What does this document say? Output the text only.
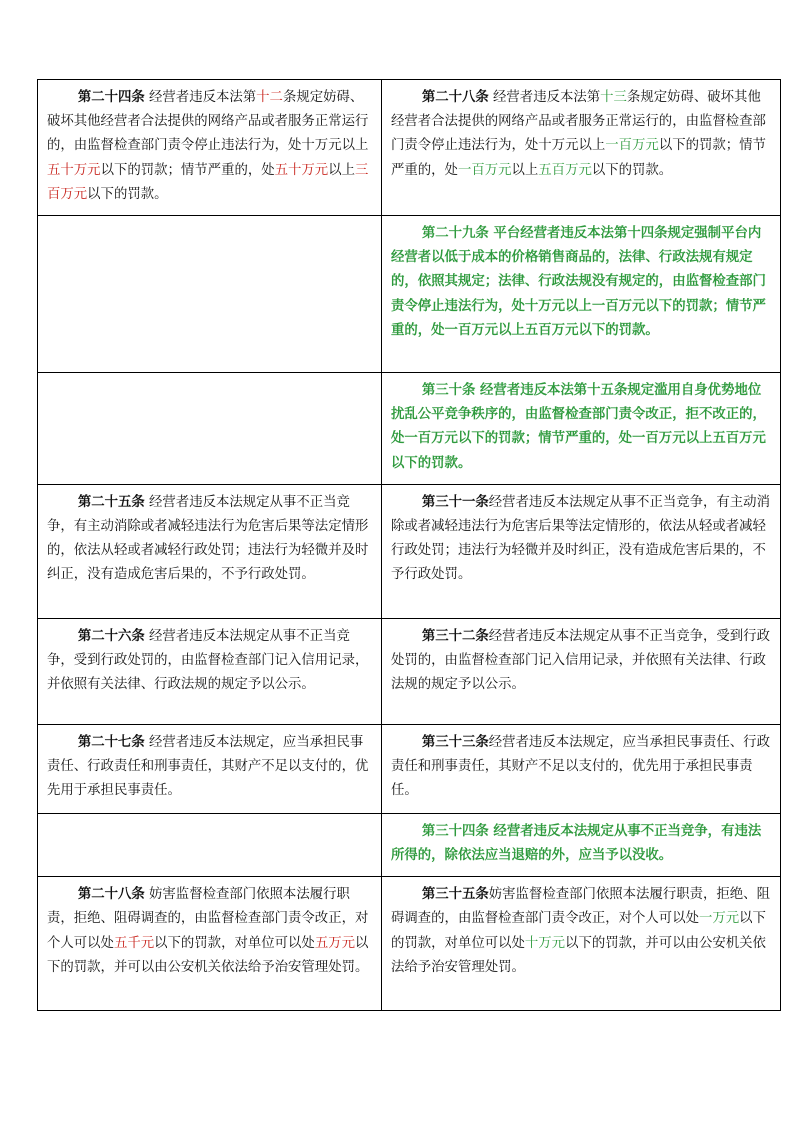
第二十四条 经营者违反本法第十二条规定妨碍、破坏其他经营者合法提供的网络产品或者服务正常运行的，由监督检查部门责令停止违法行为，处十万元以上五十万元以下的罚款；情节严重的，处五十万元以上三百万元以下的罚款。	第二十八条 经营者违反本法第十三条规定妨碍、破坏其他经营者合法提供的网络产品或者服务正常运行的，由监督检查部门责令停止违法行为，处十万元以上一百万元以下的罚款；情节严重的，处一百万元以上五百万元以下的罚款。
	第二十九条 平台经营者违反本法第十四条规定强制平台内经营者以低于成本的价格销售商品的，法律、行政法规有规定的，依照其规定；法律、行政法规没有规定的，由监督检查部门责令停止违法行为，处十万元以上一百万元以下的罚款；情节严重的，处一百万元以上五百万元以下的罚款。
	第三十条 经营者违反本法第十五条规定滥用自身优势地位扰乱公平竞争秩序的，由监督检查部门责令改正，拒不改正的，处一百万元以下的罚款；情节严重的，处一百万元以上五百万元以下的罚款。
第二十五条 经营者违反本法规定从事不正当竞争，有主动消除或者减轻违法行为危害后果等法定情形的，依法从轻或者减轻行政处罚；违法行为轻微并及时纠正，没有造成危害后果的，不予行政处罚。	第三十一条经营者违反本法规定从事不正当竞争，有主动消除或者减轻违法行为危害后果等法定情形的，依法从轻或者减轻行政处罚；违法行为轻微并及时纠正，没有造成危害后果的，不予行政处罚。
第二十六条 经营者违反本法规定从事不正当竞争，受到行政处罚的，由监督检查部门记入信用记录，并依照有关法律、行政法规的规定予以公示。	第三十二条经营者违反本法规定从事不正当竞争，受到行政处罚的，由监督检查部门记入信用记录，并依照有关法律、行政法规的规定予以公示。
第二十七条 经营者违反本法规定，应当承担民事责任、行政责任和刑事责任，其财产不足以支付的，优先用于承担民事责任。	第三十三条经营者违反本法规定，应当承担民事责任、行政责任和刑事责任，其财产不足以支付的，优先用于承担民事责任。
	第三十四条 经营者违反本法规定从事不正当竞争，有违法所得的，除依法应当退赔的外，应当予以没收。
第二十八条 妨害监督检查部门依照本法履行职责，拒绝、阻碍调查的，由监督检查部门责令改正，对个人可以处五千元以下的罚款，对单位可以处五万元以下的罚款，并可以由公安机关依法给予治安管理处罚。	第三十五条妨害监督检查部门依照本法履行职责，拒绝、阻碍调查的，由监督检查部门责令改正，对个人可以处一万元以下的罚款，对单位可以处十万元以下的罚款，并可以由公安机关依法给予治安管理处罚。
